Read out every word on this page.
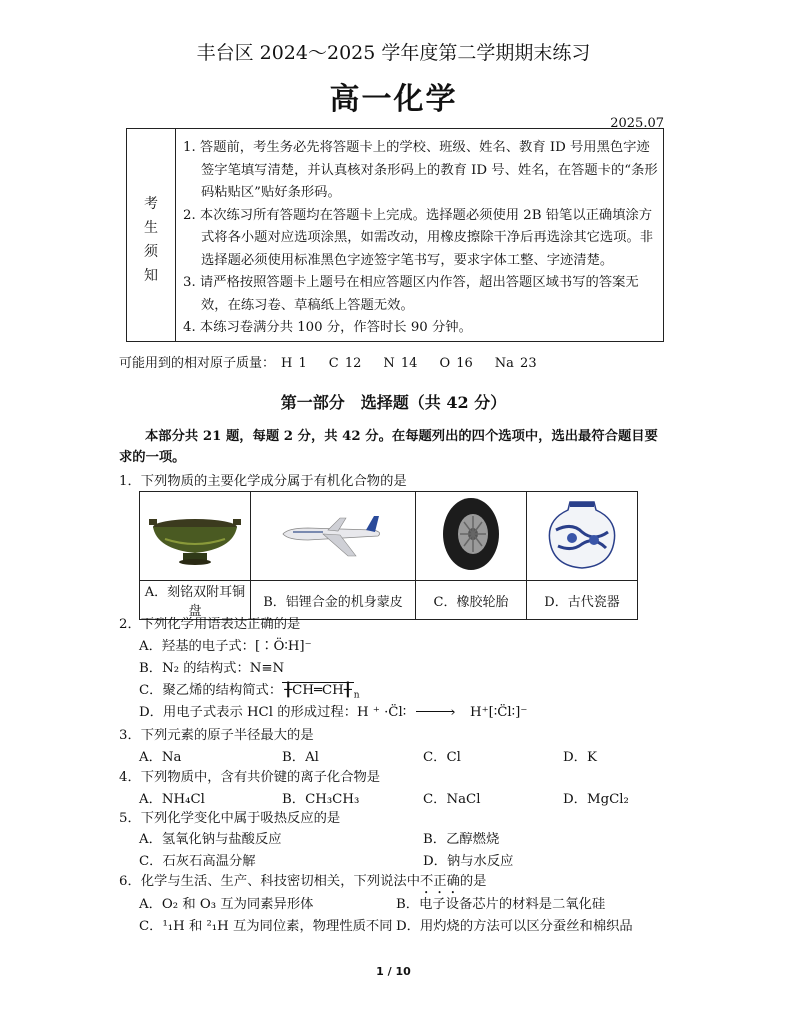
丰台区 2024～2025 学年度第二学期期末练习
高一化学
2025.07
考
生
须
知
1. 答题前，考生务必先将答题卡上的学校、班级、姓名、教育 ID 号用黑色字迹签字笔填写清楚，并认真核对条形码上的教育 ID 号、姓名，在答题卡的“条形码粘贴区”贴好条形码。
2. 本次练习所有答题均在答题卡上完成。选择题必须使用 2B 铅笔以正确填涂方式将各小题对应选项涂黑，如需改动，用橡皮擦除干净后再选涂其它选项。非选择题必须使用标准黑色字迹签字笔书写，要求字体工整、字迹清楚。
3. 请严格按照答题卡上题号在相应答题区内作答，超出答题区域书写的答案无效，在练习卷、草稿纸上答题无效。
4. 本练习卷满分共 100 分，作答时长 90 分钟。
可能用到的相对原子质量： H 1 C 12 N 14 O 16 Na 23
第一部分　选择题（共 42 分）
本部分共 21 题，每题 2 分，共 42 分。在每题列出的四个选项中，选出最符合题目要求的一项。
1．下列物质的主要化学成分属于有机化合物的是

A．刻铭双附耳铜盘	B．铝锂合金的机身蒙皮	C．橡胶轮胎	D．古代瓷器
2．下列化学用语表达正确的是
A．羟基的电子式：[∶Ö∶H]⁻
B．N₂ 的结构式：N≡N
C．聚乙烯的结构简式： ╂CH═CH╂ $_n$
D．用电子式表示 HCl 的形成过程：H ⁺ ·C̈l∶	› H⁺[∶C̈l∶]⁻
3．下列元素的原子半径最大的是
A．Na	B．Al	C．Cl	D．K
4．下列物质中，含有共价键的离子化合物是
A．NH₄Cl	B．CH₃CH₃	C．NaCl	D．MgCl₂
5．下列化学变化中属于吸热反应的是
A．氢氧化钠与盐酸反应	B．乙醇燃烧
C．石灰石高温分解	D．钠与水反应
6．化学与生活、生产、科技密切相关，下列说法中不正确的是
A．O₂ 和 O₃ 互为同素异形体	B．电子设备芯片的材料是二氧化硅
C．¹₁H 和 ²₁H 互为同位素，物理性质不同 D．用灼烧的方法可以区分蚕丝和棉织品
1 / 10
